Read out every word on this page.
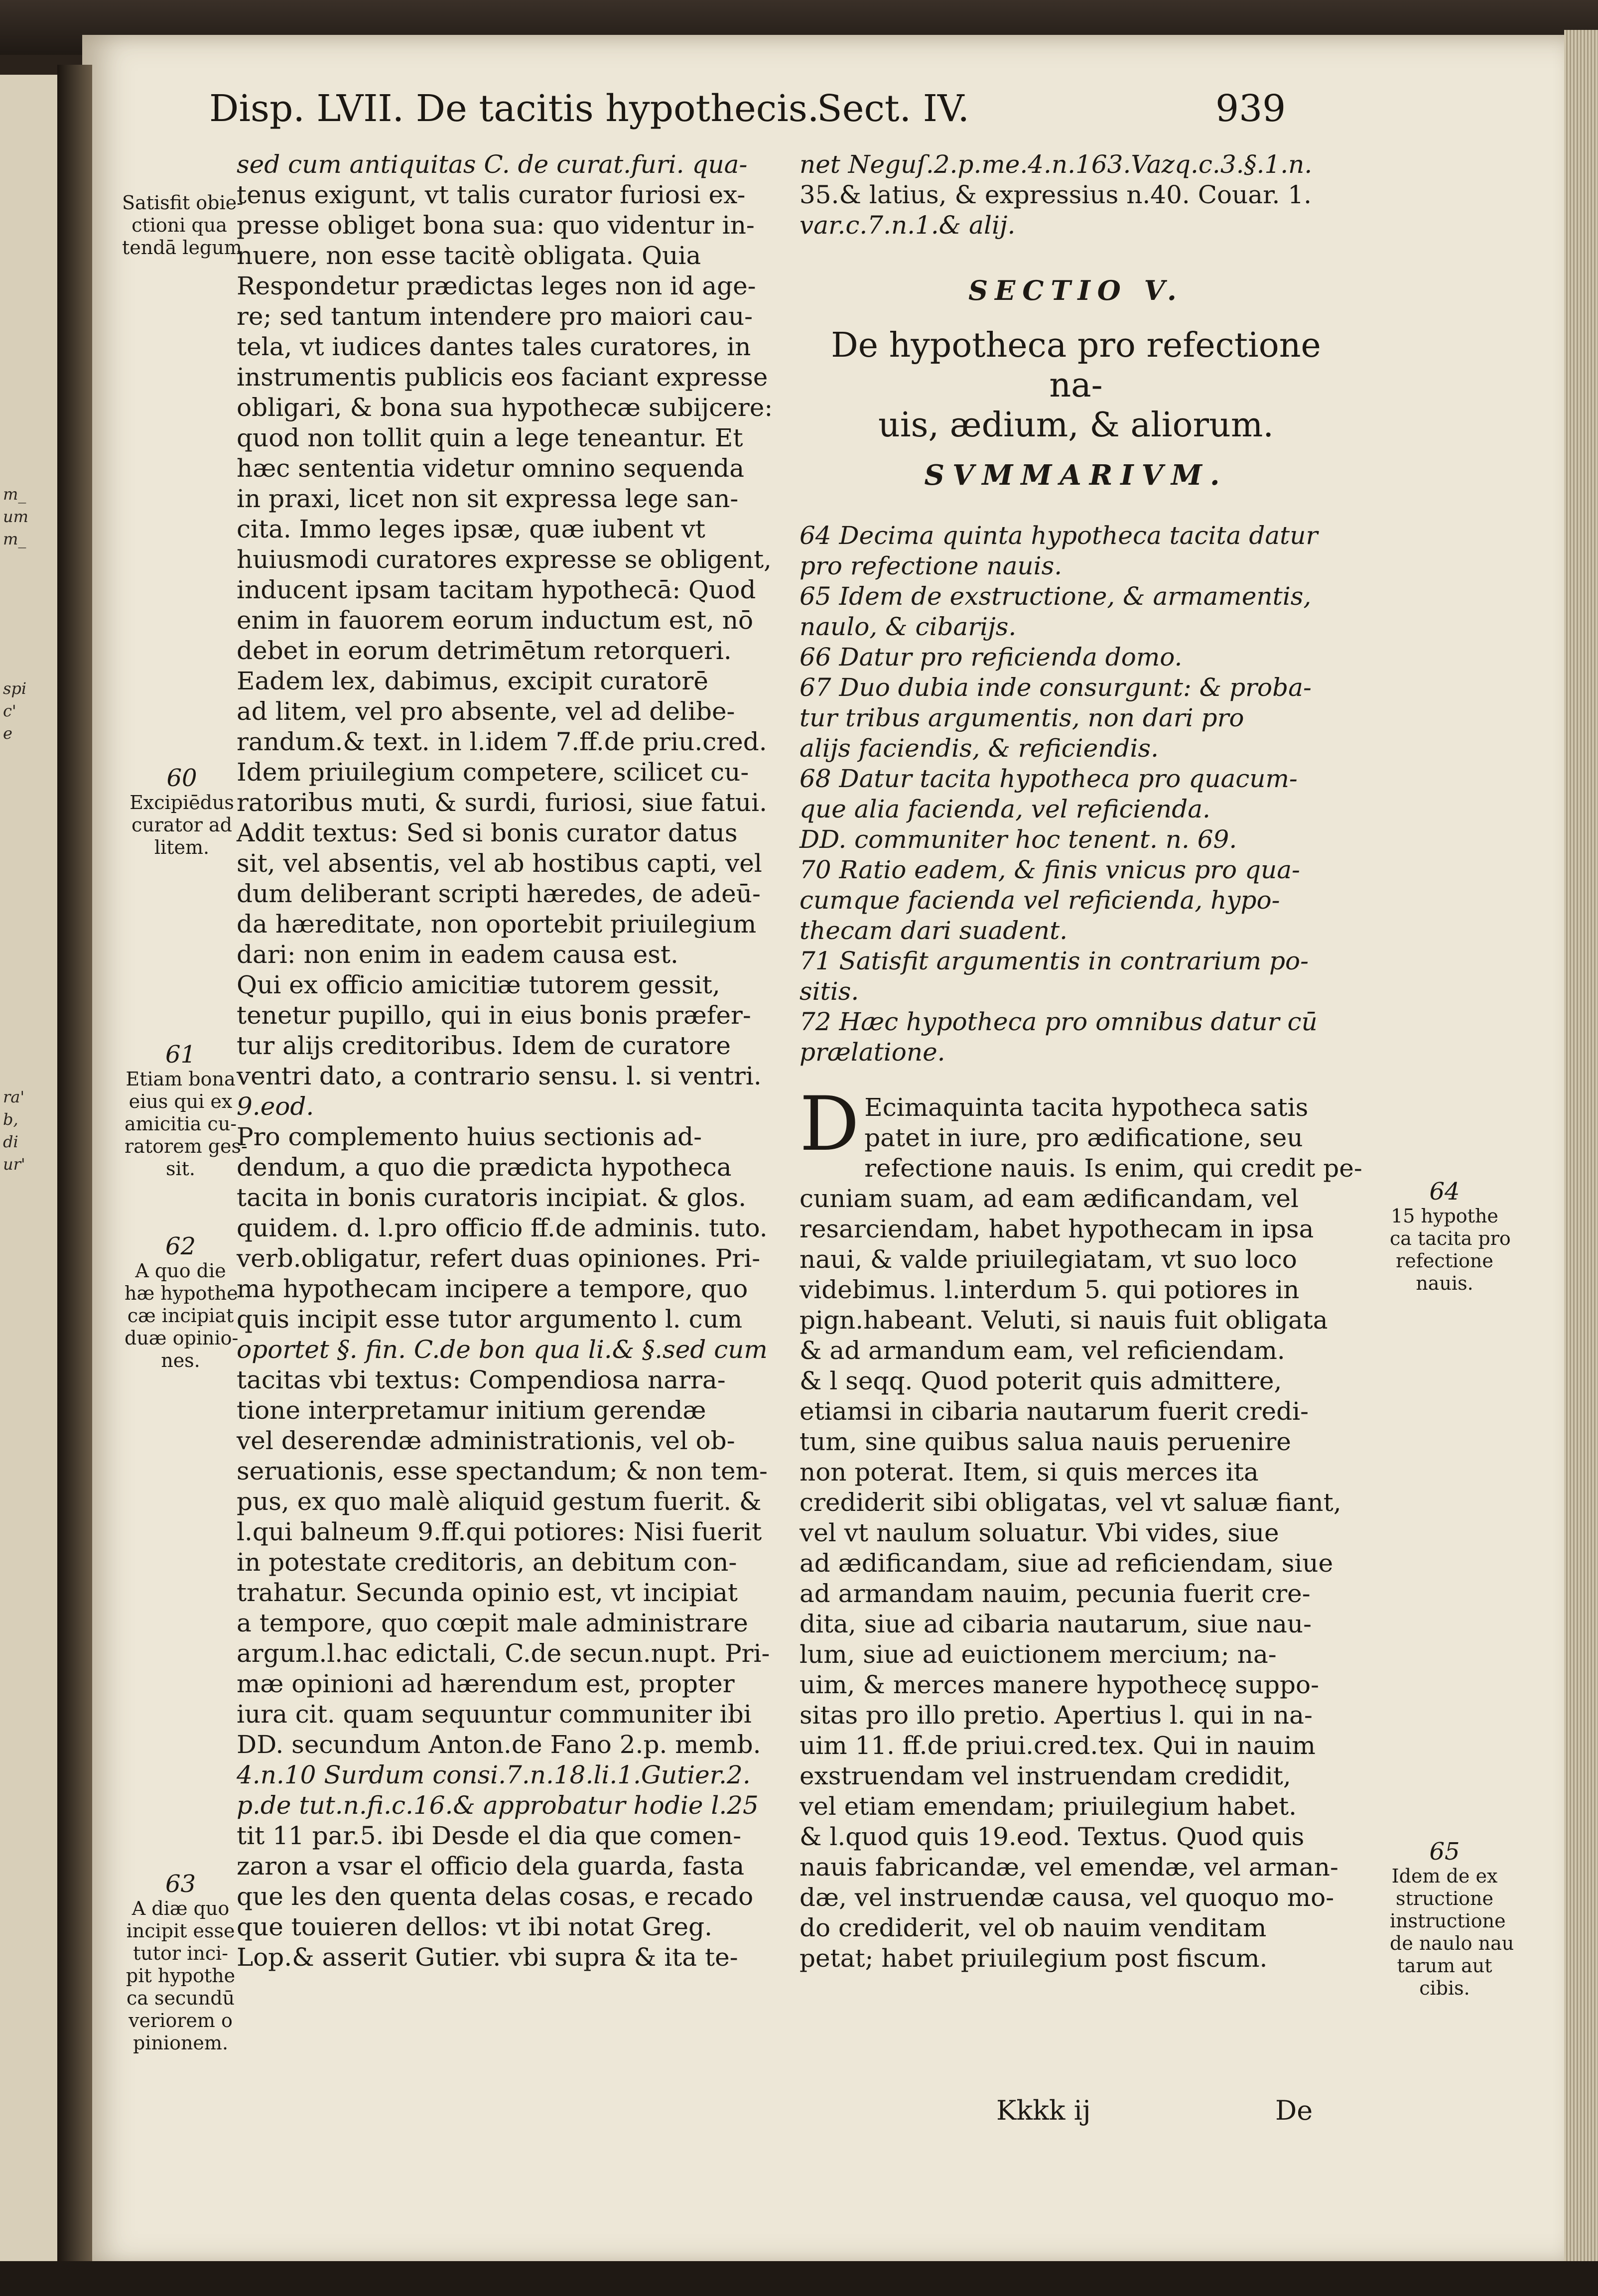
m_
um
m_
spi
c'
e
ra'
b,
di
ur'
Disp. LVII. De tacitis hypothecis.
Sect. IV.	939
sed cum antiquitas C. de curat.furi. qua-
tenus exigunt, vt talis curator furiosi ex-
presse obliget bona sua: quo videntur in-
nuere, non esse tacitè obligata. Quia
Respondetur prædictas leges non id age-
re; sed tantum intendere pro maiori cau-
tela, vt iudices dantes tales curatores, in
instrumentis publicis eos faciant expresse
obligari, & bona sua hypothecæ subijcere:
quod non tollit quin a lege teneantur. Et
hæc sententia videtur omnino sequenda
in praxi, licet non sit expressa lege san-
cita. Immo leges ipsæ, quæ iubent vt
huiusmodi curatores expresse se obligent,
inducent ipsam tacitam hypothecā: Quod
enim in fauorem eorum inductum est, nō
debet in eorum detrimētum retorqueri.
Eadem lex, dabimus, excipit curatorē
ad litem, vel pro absente, vel ad delibe-
randum.& text. in l.idem 7.ff.de priu.cred.
Idem priuilegium competere, scilicet cu-
ratoribus muti, & surdi, furiosi, siue fatui.
Addit textus: Sed si bonis curator datus
sit, vel absentis, vel ab hostibus capti, vel
dum deliberant scripti hæredes, de adeū-
da hæreditate, non oportebit priuilegium
dari: non enim in eadem causa est.
Qui ex officio amicitiæ tutorem gessit,
tenetur pupillo, qui in eius bonis præfer-
tur alijs creditoribus. Idem de curatore
ventri dato, a contrario sensu. l. si ventri.
9.eod.
Pro complemento huius sectionis ad-
dendum, a quo die prædicta hypotheca
tacita in bonis curatoris incipiat. & glos.
quidem. d. l.pro officio ff.de adminis. tuto.
verb.obligatur, refert duas opiniones. Pri-
ma hypothecam incipere a tempore, quo
quis incipit esse tutor argumento l. cum
oportet §. fin. C.de bon qua li.& §.sed cum
tacitas vbi textus: Compendiosa narra-
tione interpretamur initium gerendæ
vel deserendæ administrationis, vel ob-
seruationis, esse spectandum; & non tem-
pus, ex quo malè aliquid gestum fuerit. &
l.qui balneum 9.ff.qui potiores: Nisi fuerit
in potestate creditoris, an debitum con-
trahatur. Secunda opinio est, vt incipiat
a tempore, quo cœpit male administrare
argum.l.hac edictali, C.de secun.nupt. Pri-
mæ opinioni ad hærendum est, propter
iura cit. quam sequuntur communiter ibi
DD. secundum Anton.de Fano 2.p. memb.
4.n.10 Surdum consi.7.n.18.li.1.Gutier.2.
p.de tut.n.fi.c.16.& approbatur hodie l.25
tit 11 par.5. ibi Desde el dia que comen-
zaron a vsar el officio dela guarda, fasta
que les den quenta delas cosas, e recado
que touieren dellos: vt ibi notat Greg.
Lop.& asserit Gutier. vbi supra & ita te-
net Neguſ.2.p.me.4.n.163.Vazq.c.3.§.1.n.
35.& latius, & expressius n.40. Couar. 1.
var.c.7.n.1.& alij.
SECTIO V.
De hypotheca pro refectione na-
uis, ædium, & aliorum.
SVMMARIVM.
64 Decima quinta hypotheca tacita datur
pro refectione nauis.
65 Idem de exstructione, & armamentis,
naulo, & cibarijs.
66 Datur pro reficienda domo.
67 Duo dubia inde consurgunt: & proba-
tur tribus argumentis, non dari pro
alijs faciendis, & reficiendis.
68 Datur tacita hypotheca pro quacum-
que alia facienda, vel reficienda.
DD. communiter hoc tenent. n. 69.
70 Ratio eadem, & finis vnicus pro qua-
cumque facienda vel reficienda, hypo-
thecam dari suadent.
71 Satisfit argumentis in contrarium po-
sitis.
72 Hæc hypotheca pro omnibus datur cū
prælatione.
D Ecimaquinta tacita hypotheca satis
patet in iure, pro ædificatione, seu
refectione nauis. Is enim, qui credit pe-
cuniam suam, ad eam ædificandam, vel
resarciendam, habet hypothecam in ipsa
naui, & valde priuilegiatam, vt suo loco
videbimus. l.interdum 5. qui potiores in
pign.habeant. Veluti, si nauis fuit obligata
& ad armandum eam, vel reficiendam.
& l seqq. Quod poterit quis admittere,
etiamsi in cibaria nautarum fuerit credi-
tum, sine quibus salua nauis peruenire
non poterat. Item, si quis merces ita
crediderit sibi obligatas, vel vt saluæ fiant,
vel vt naulum soluatur. Vbi vides, siue
ad ædificandam, siue ad reficiendam, siue
ad armandam nauim, pecunia fuerit cre-
dita, siue ad cibaria nautarum, siue nau-
lum, siue ad euictionem mercium; na-
uim, & merces manere hypothecę suppo-
sitas pro illo pretio. Apertius l. qui in na-
uim 11. ff.de priui.cred.tex. Qui in nauim
exstruendam vel instruendam credidit,
vel etiam emendam; priuilegium habet.
& l.quod quis 19.eod. Textus. Quod quis
nauis fabricandæ, vel emendæ, vel arman-
dæ, vel instruendæ causa, vel quoquo mo-
do crediderit, vel ob nauim venditam
petat; habet priuilegium post fiscum.
Satisfit obie-
ctioni qua
tendā legum
60
Excipiēdus
curator ad
litem.
61
Etiam bona
eius qui ex
amicitia cu-
ratorem ges-
sit.
62
A quo die
hæ hypothe
cæ incipiat
duæ opinio-
nes.
63
A diæ quo
incipit esse
tutor inci-
pit hypothe
ca secundū
veriorem o
pinionem.
64
15 hypothe
ca tacita pro
refectione
nauis.
65
Idem de ex
structione
instructione
de naulo nau
tarum aut
cibis.
Kkkk ij	De
